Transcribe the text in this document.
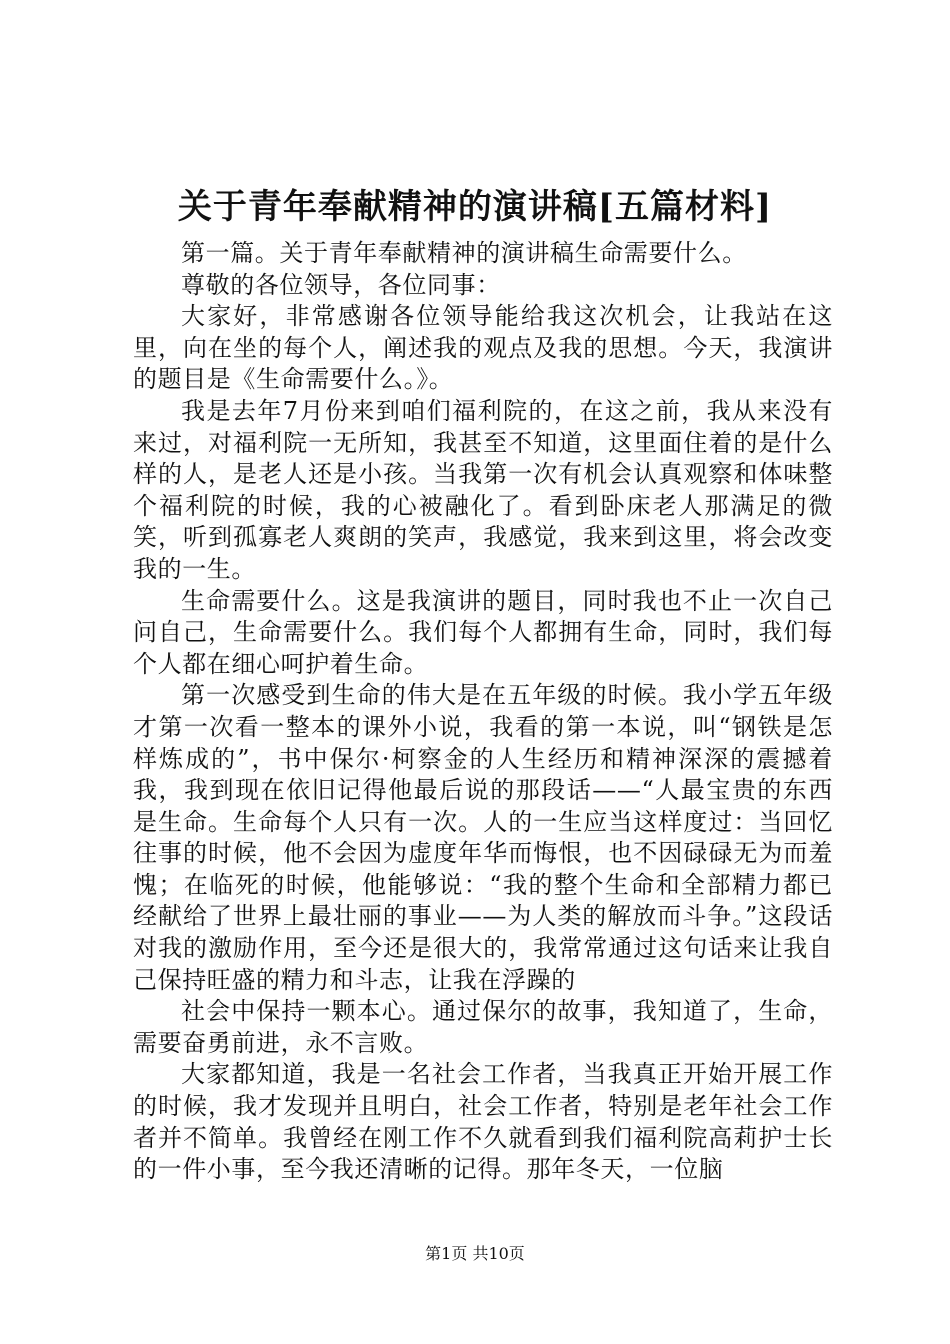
关于青年奉献精神的演讲稿[五篇材料]

第一篇。关于青年奉献精神的演讲稿生命需要什么。

尊敬的各位领导，各位同事：

大家好，非常感谢各位领导能给我这次机会，让我站在这里，向在坐的每个人，阐述我的观点及我的思想。今天，我演讲的题目是《生命需要什么。》。

我是去年7月份来到咱们福利院的，在这之前，我从来没有来过，对福利院一无所知，我甚至不知道，这里面住着的是什么样的人，是老人还是小孩。当我第一次有机会认真观察和体味整个福利院的时候，我的心被融化了。看到卧床老人那满足的微笑，听到孤寡老人爽朗的笑声，我感觉，我来到这里，将会改变我的一生。

生命需要什么。这是我演讲的题目，同时我也不止一次自己问自己，生命需要什么。我们每个人都拥有生命，同时，我们每个人都在细心呵护着生命。

第一次感受到生命的伟大是在五年级的时候。我小学五年级才第一次看一整本的课外小说，我看的第一本说，叫“钢铁是怎样炼成的”，书中保尔·柯察金的人生经历和精神深深的震撼着我，我到现在依旧记得他最后说的那段话——“人最宝贵的东西是生命。生命每个人只有一次。人的一生应当这样度过：当回忆往事的时候，他不会因为虚度年华而悔恨，也不因碌碌无为而羞愧；在临死的时候，他能够说：“我的整个生命和全部精力都已经献给了世界上最壮丽的事业——为人类的解放而斗争。”这段话对我的激励作用，至今还是很大的，我常常通过这句话来让我自己保持旺盛的精力和斗志，让我在浮躁的

社会中保持一颗本心。通过保尔的故事，我知道了，生命，需要奋勇前进，永不言败。

大家都知道，我是一名社会工作者，当我真正开始开展工作的时候，我才发现并且明白，社会工作者，特别是老年社会工作者并不简单。我曾经在刚工作不久就看到我们福利院高莉护士长的一件小事，至今我还清晰的记得。那年冬天，一位脑

第1页 共10页
